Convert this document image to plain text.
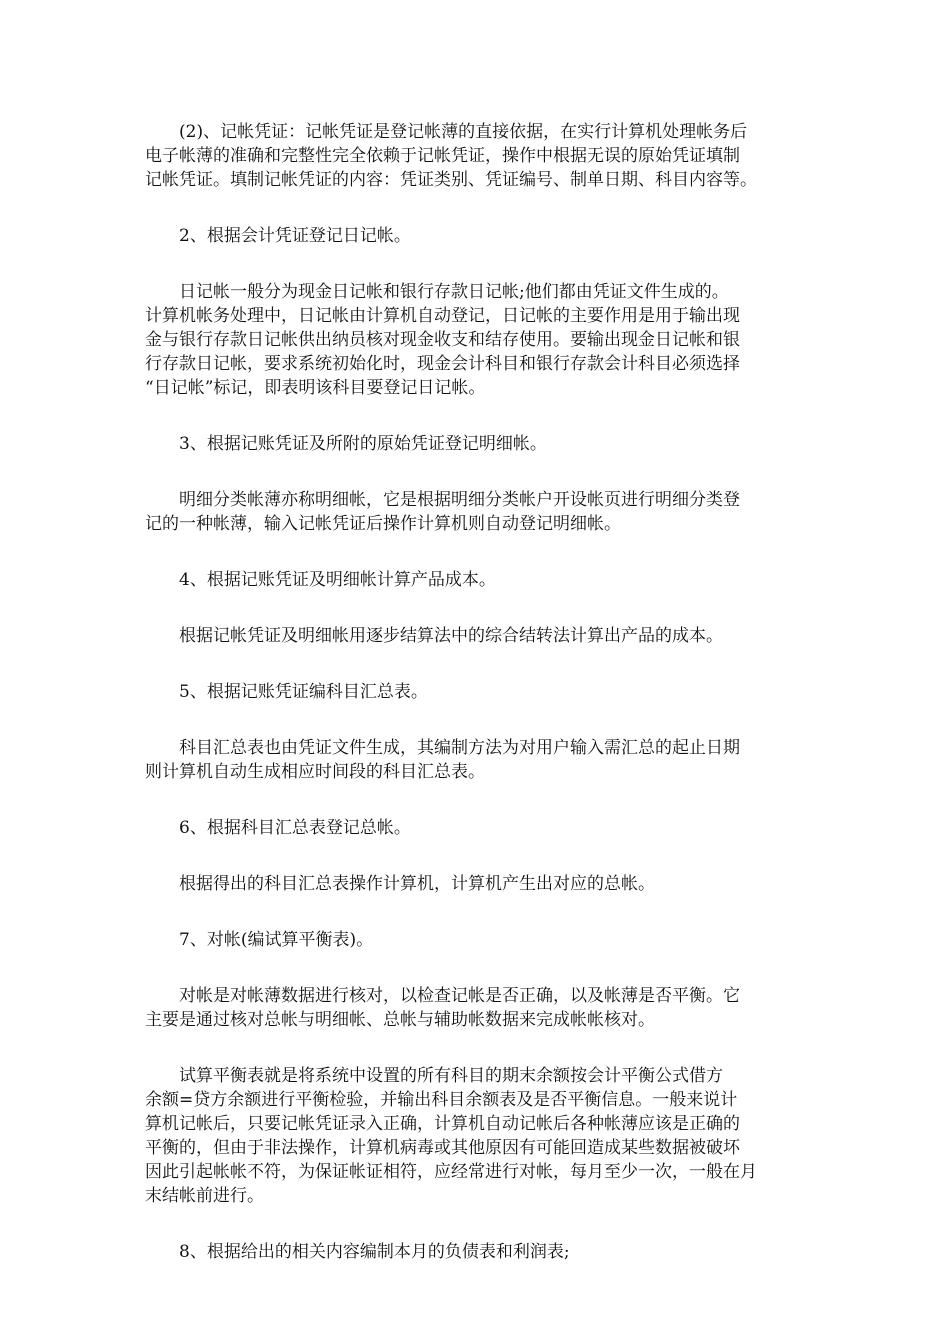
(2)、记帐凭证：记帐凭证是登记帐薄的直接依据，在实行计算机处理帐务后
电子帐薄的准确和完整性完全依赖于记帐凭证，操作中根据无误的原始凭证填制
记帐凭证。填制记帐凭证的内容：凭证类别、凭证编号、制单日期、科目内容等。

2、根据会计凭证登记日记帐。

日记帐一般分为现金日记帐和银行存款日记帐;他们都由凭证文件生成的。
计算机帐务处理中，日记帐由计算机自动登记，日记帐的主要作用是用于输出现
金与银行存款日记帐供出纳员核对现金收支和结存使用。要输出现金日记帐和银
行存款日记帐，要求系统初始化时，现金会计科目和银行存款会计科目必须选择
“日记帐”标记，即表明该科目要登记日记帐。

3、根据记账凭证及所附的原始凭证登记明细帐。

明细分类帐薄亦称明细帐，它是根据明细分类帐户开设帐页进行明细分类登
记的一种帐薄，输入记帐凭证后操作计算机则自动登记明细帐。

4、根据记账凭证及明细帐计算产品成本。

根据记帐凭证及明细帐用逐步结算法中的综合结转法计算出产品的成本。

5、根据记账凭证编科目汇总表。

科目汇总表也由凭证文件生成，其编制方法为对用户输入需汇总的起止日期
则计算机自动生成相应时间段的科目汇总表。

6、根据科目汇总表登记总帐。

根据得出的科目汇总表操作计算机，计算机产生出对应的总帐。

7、对帐(编试算平衡表)。

对帐是对帐薄数据进行核对，以检查记帐是否正确，以及帐薄是否平衡。它
主要是通过核对总帐与明细帐、总帐与辅助帐数据来完成帐帐核对。

试算平衡表就是将系统中设置的所有科目的期末余额按会计平衡公式借方
余额=贷方余额进行平衡检验，并输出科目余额表及是否平衡信息。一般来说计
算机记帐后，只要记帐凭证录入正确，计算机自动记帐后各种帐薄应该是正确的
平衡的，但由于非法操作，计算机病毒或其他原因有可能回造成某些数据被破坏
因此引起帐帐不符，为保证帐证相符，应经常进行对帐，每月至少一次，一般在月
末结帐前进行。

8、根据给出的相关内容编制本月的负债表和利润表;
